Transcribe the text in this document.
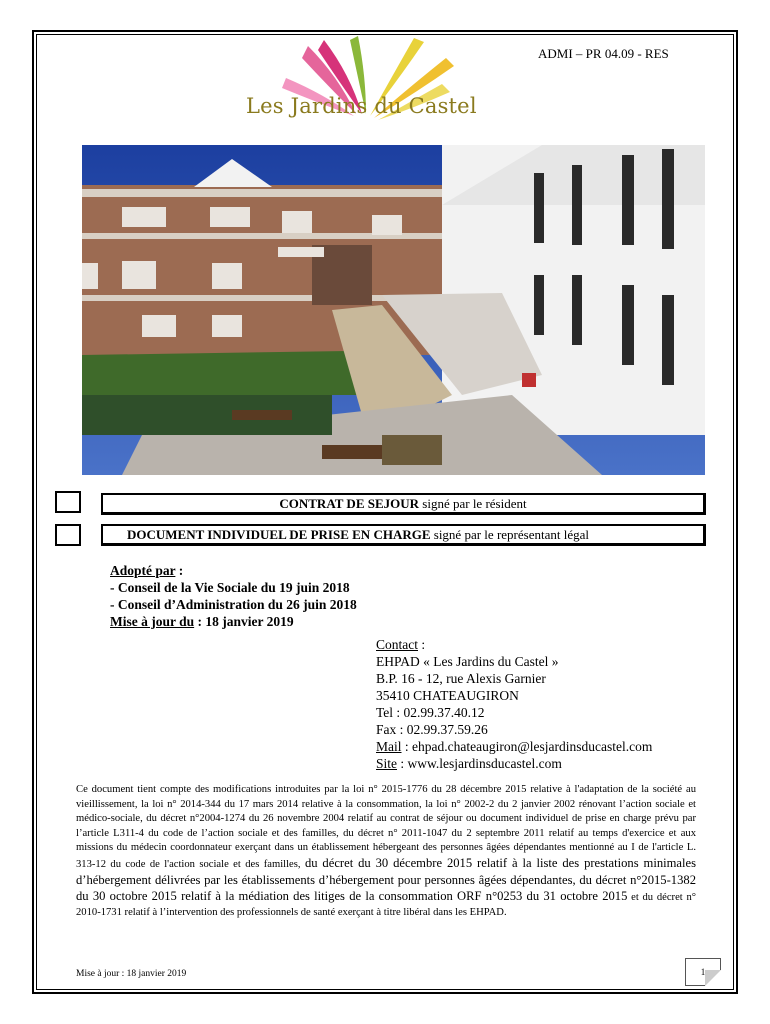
ADMI – PR 04.09 - RES
Les Jardins du Castel
CONTRAT DE SEJOUR signé par le résident
DOCUMENT INDIVIDUEL DE PRISE EN CHARGE signé par le représentant légal
Adopté par :
- Conseil de la Vie Sociale du 19 juin 2018
- Conseil d’Administration du 26 juin 2018
Mise à jour du : 18 janvier 2019
Contact :
EHPAD « Les Jardins du Castel »
B.P. 16 - 12, rue Alexis Garnier
35410 CHATEAUGIRON
Tel : 02.99.37.40.12
Fax : 02.99.37.59.26
Mail : ehpad.chateaugiron@lesjardinsducastel.com
Site : www.lesjardinsducastel.com
Ce document tient compte des modifications introduites par la loi n° 2015-1776 du 28 décembre 2015 relative à l'adaptation de la société au vieillissement, la loi n° 2014-344 du 17 mars 2014 relative à la consommation, la loi n° 2002-2 du 2 janvier 2002 rénovant l’action sociale et médico-sociale, du décret n°2004-1274 du 26 novembre 2004 relatif au contrat de séjour ou document individuel de prise en charge prévu par l’article L311-4 du code de l’action sociale et des familles, du décret n° 2011-1047 du 2 septembre 2011 relatif au temps d'exercice et aux missions du médecin coordonnateur exerçant dans un établissement hébergeant des personnes âgées dépendantes mentionné au I de l'article L. 313-12 du code de l'action sociale et des familles, du décret du 30 décembre 2015 relatif à la liste des prestations minimales d’hébergement délivrées par les établissements d’hébergement pour personnes âgées dépendantes, du décret n°2015-1382 du 30 octobre 2015 relatif à la médiation des litiges de la consommation ORF n°0253 du 31 octobre 2015 et du décret n° 2010-1731 relatif à l’intervention des professionnels de santé exerçant à titre libéral dans les EHPAD.
Mise à jour : 18 janvier 2019	1
